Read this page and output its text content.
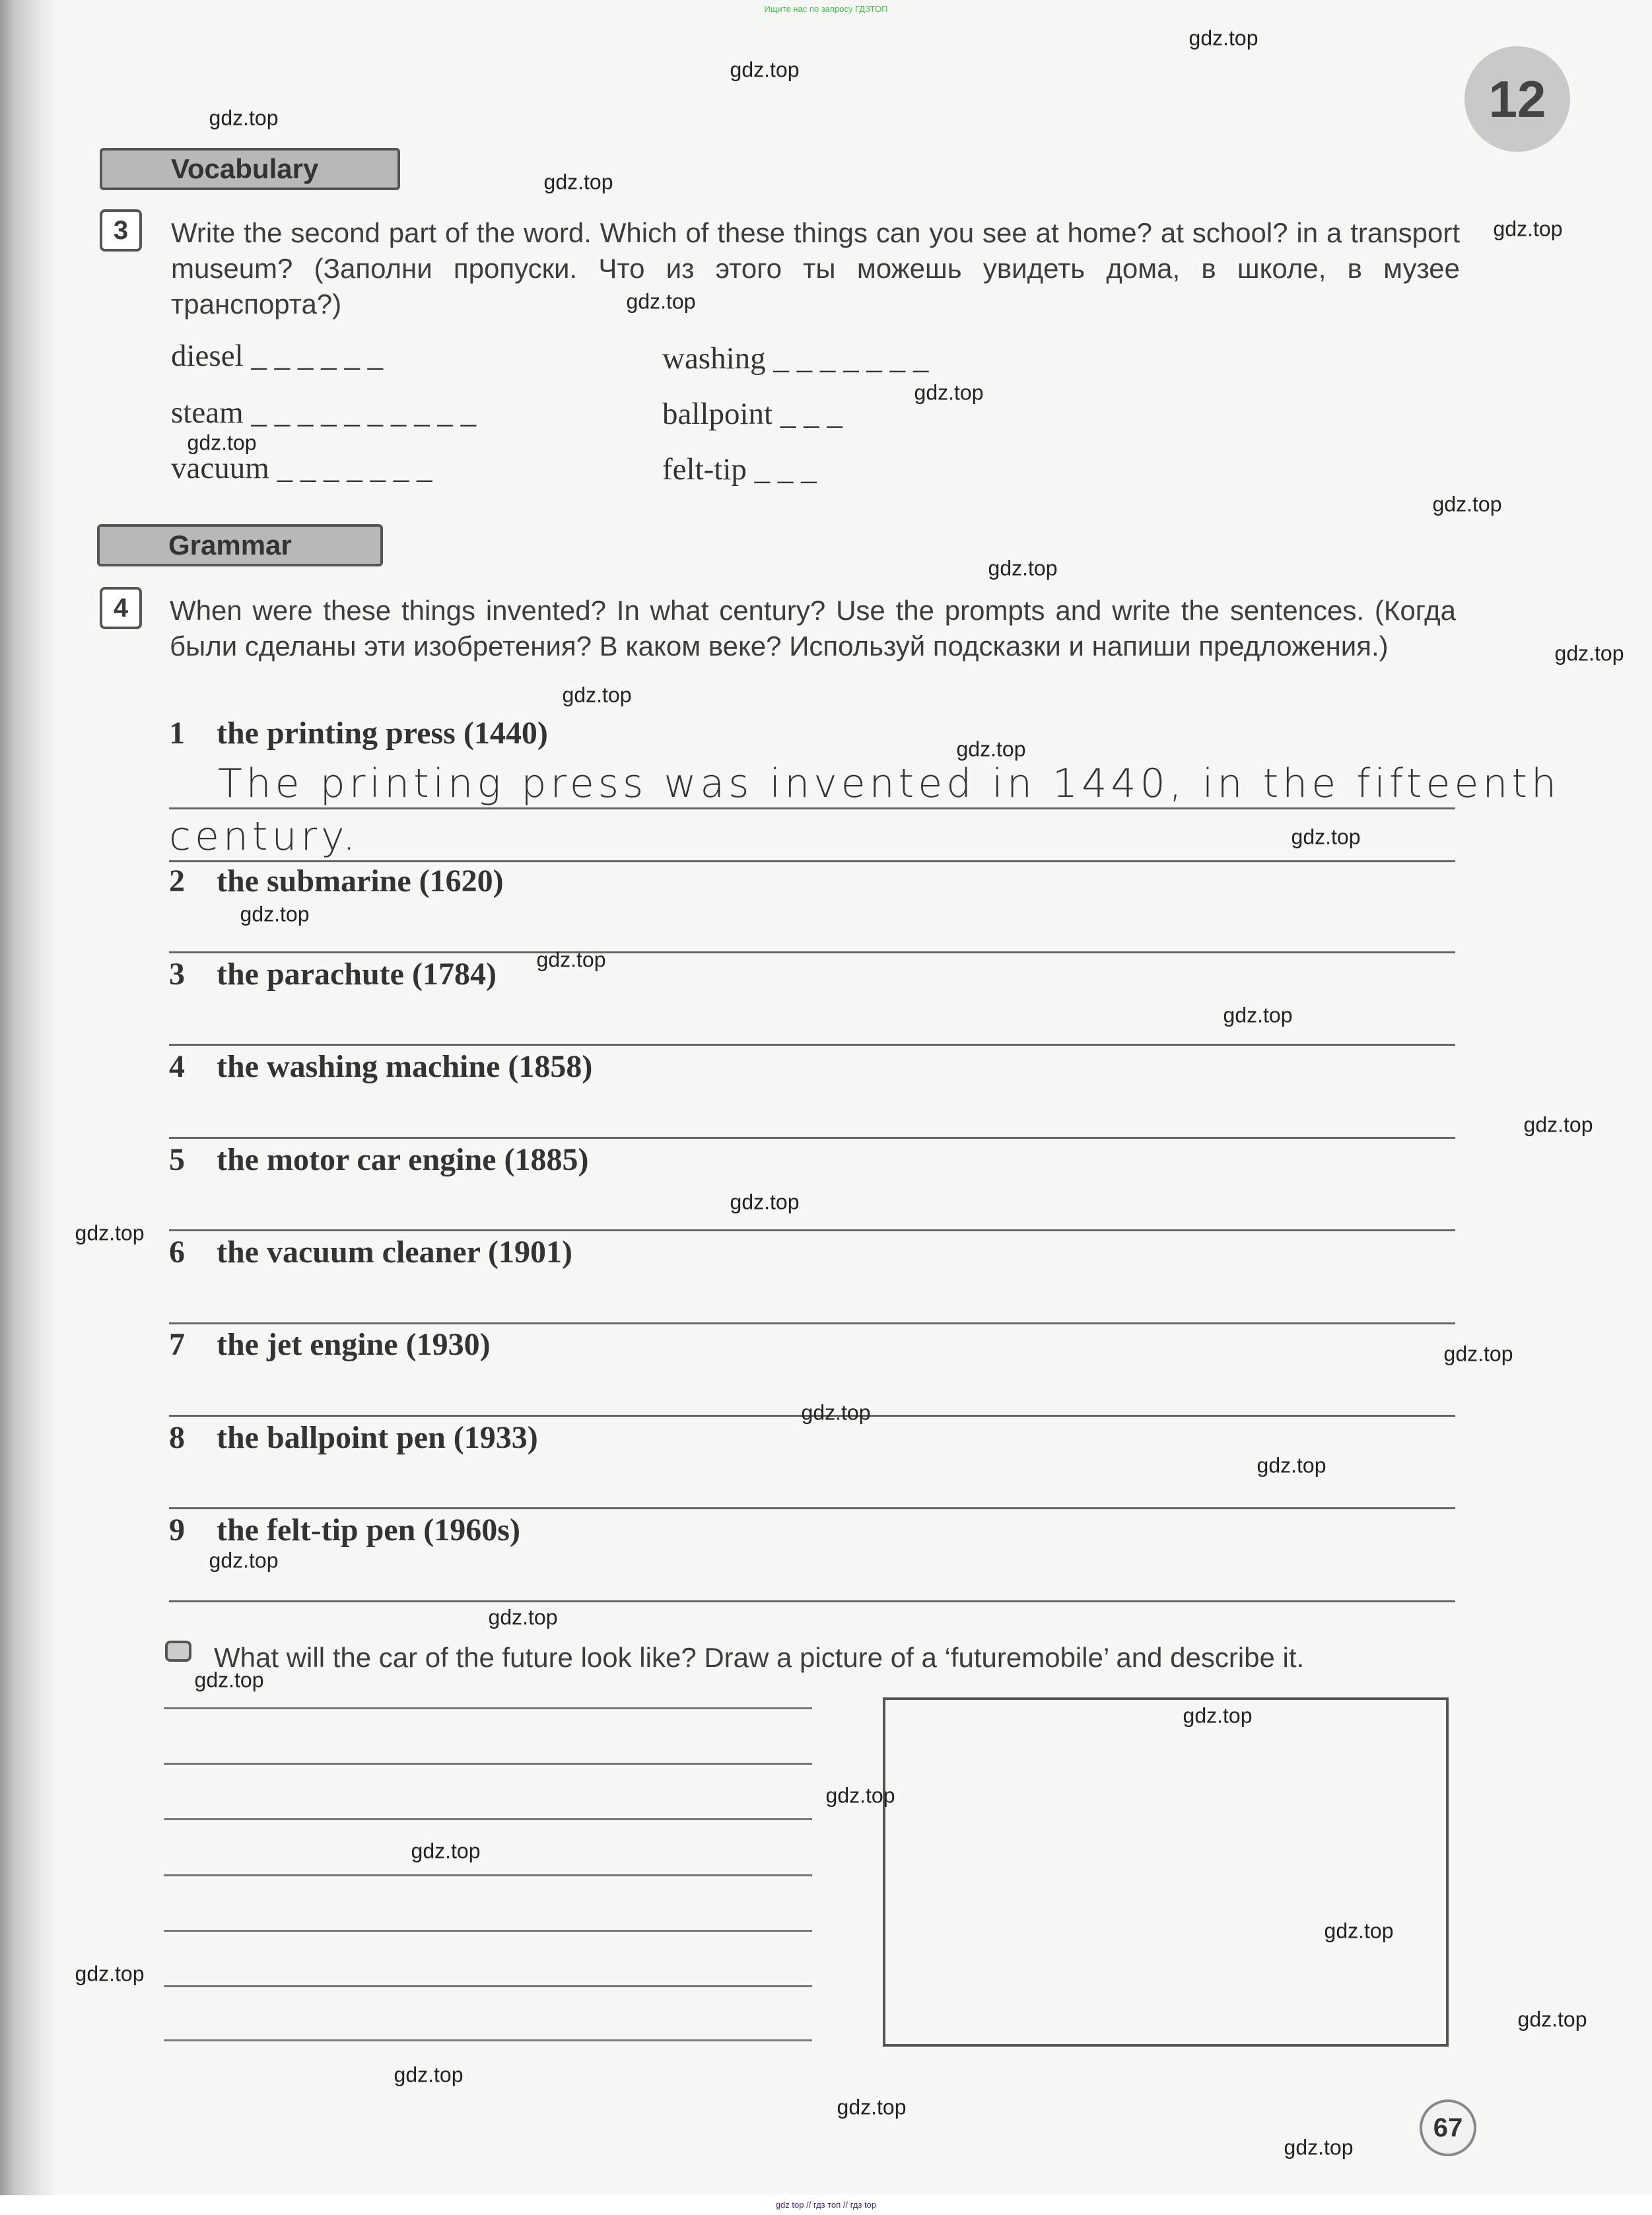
Ищите нас по запросу ГДЗТОП
12
Vocabulary
3	Write the second part of the word. Which of these things can you see at home? at school? in a transport museum? (Заполни пропуски. Что из этого ты можешь увидеть дома, в школе, в музее транспорта?)
diesel _ _ _ _ _ _
steam _ _ _ _ _ _ _ _ _ _
vacuum _ _ _ _ _ _ _
washing _ _ _ _ _ _ _
ballpoint _ _ _
felt-tip _ _ _
Grammar
4	When were these things invented? In what century? Use the prompts and write the sentences. (Когда были сделаны эти изобретения? В каком веке? Используй подсказки и напиши предложения.)
1 the printing press (1440)
2 the submarine (1620)
3 the parachute (1784)
4 the washing machine (1858)
5 the motor car engine (1885)
6 the vacuum cleaner (1901)
7 the jet engine (1930)
8 the ballpoint pen (1933)
9 the felt-tip pen (1960s)
The printing press was invented in 1440, in the fifteenth
century.
What will the car of the future look like? Draw a picture of a ‘futuremobile’ and describe it.
67
gdz top // гдз топ // гдз top
gdz.top
gdz.top
gdz.top
gdz.top
gdz.top
gdz.top
gdz.top
gdz.top
gdz.top
gdz.top
gdz.top
gdz.top
gdz.top
gdz.top
gdz.top
gdz.top
gdz.top
gdz.top
gdz.top
gdz.top
gdz.top
gdz.top
gdz.top
gdz.top
gdz.top
gdz.top
gdz.top
gdz.top
gdz.top
gdz.top
gdz.top
gdz.top
gdz.top
gdz.top
gdz.top
